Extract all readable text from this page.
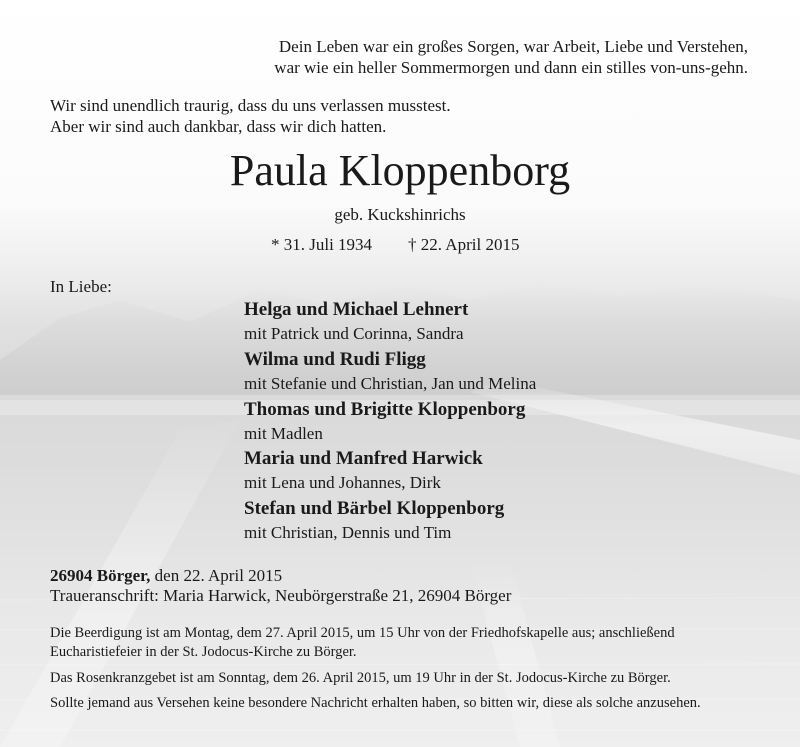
Dein Leben war ein großes Sorgen, war Arbeit, Liebe und Verstehen,
war wie ein heller Sommermorgen und dann ein stilles von-uns-gehn.
Wir sind unendlich traurig, dass du uns verlassen musstest.
Aber wir sind auch dankbar, dass wir dich hatten.
Paula Kloppenborg
geb. Kuckshinrichs
* 31. Juli 1934 † 22. April 2015
In Liebe:
Helga und Michael Lehnert
mit Patrick und Corinna, Sandra
Wilma und Rudi Fligg
mit Stefanie und Christian, Jan und Melina
Thomas und Brigitte Kloppenborg
mit Madlen
Maria und Manfred Harwick
mit Lena und Johannes, Dirk
Stefan und Bärbel Kloppenborg
mit Christian, Dennis und Tim
26904 Börger, den 22. April 2015
Traueranschrift: Maria Harwick, Neubörgerstraße 21, 26904 Börger
Die Beerdigung ist am Montag, dem 27. April 2015, um 15 Uhr von der Friedhofskapelle aus; anschließend
Eucharistiefeier in der St. Jodocus-Kirche zu Börger.
Das Rosenkranzgebet ist am Sonntag, dem 26. April 2015, um 19 Uhr in der St. Jodocus-Kirche zu Börger.
Sollte jemand aus Versehen keine besondere Nachricht erhalten haben, so bitten wir, diese als solche anzusehen.
